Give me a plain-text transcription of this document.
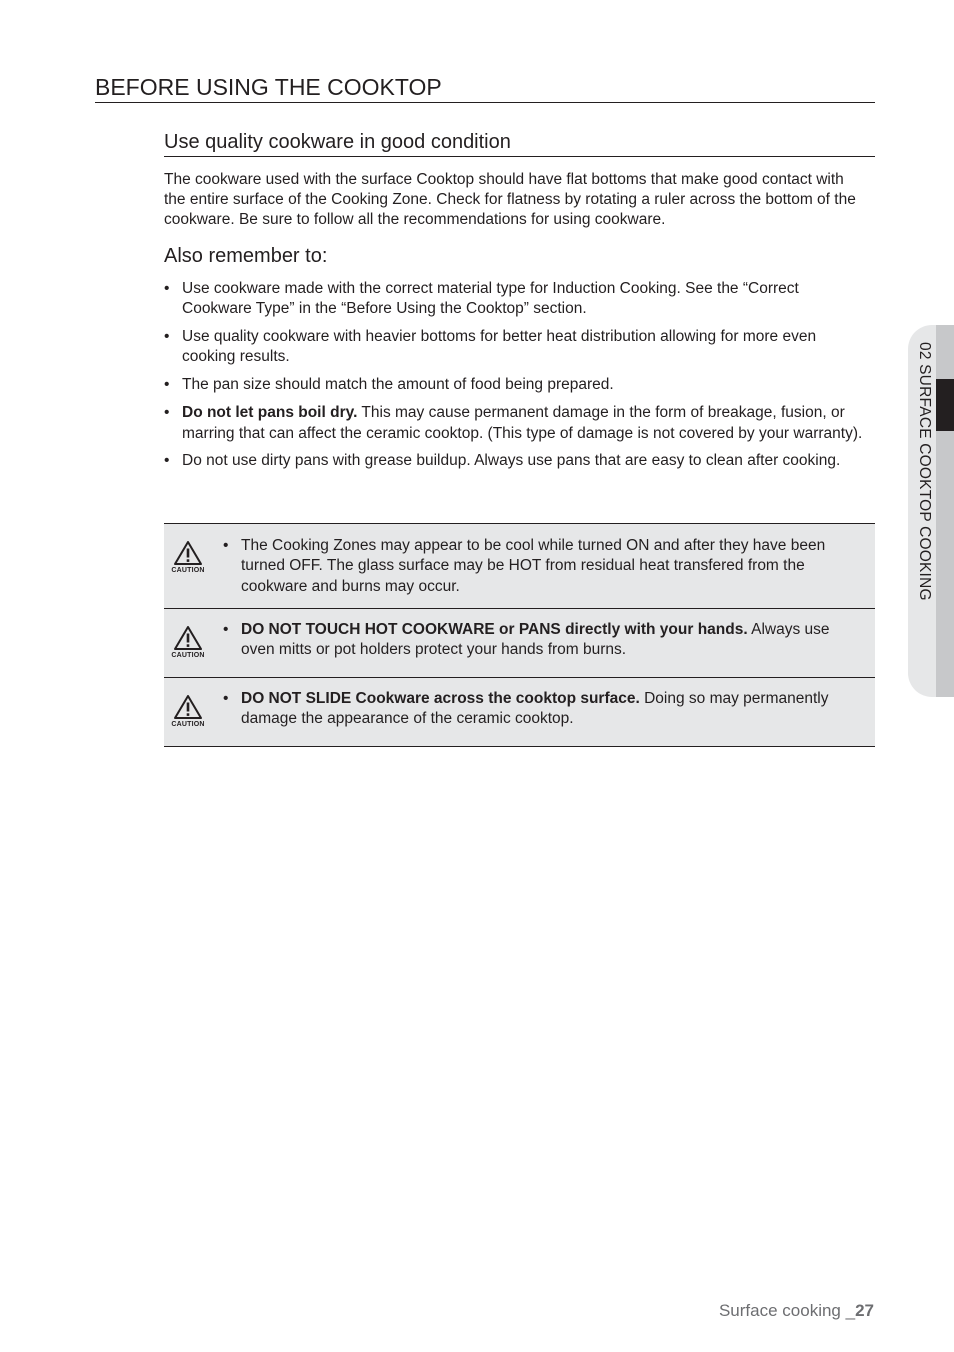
BEFORE USING THE COOKTOP
Use quality cookware in good condition

The cookware used with the surface Cooktop should have flat bottoms that make good contact with the entire surface of the Cooking Zone. Check for flatness by rotating a ruler across the bottom of the cookware. Be sure to follow all the recommendations for using cookware.

Also remember to:
• Use cookware made with the correct material type for Induction Cooking. See the “Correct Cookware Type” in the “Before Using the Cooktop” section.
• Use quality cookware with heavier bottoms for better heat distribution allowing for more even cooking results.
• The pan size should match the amount of food being prepared.
• Do not let pans boil dry. This may cause permanent damage in the form of breakage, fusion, or marring that can affect the ceramic cooktop. (This type of damage is not covered by your warranty).
• Do not use dirty pans with grease buildup. Always use pans that are easy to clean after cooking.
CAUTION
• The Cooking Zones may appear to be cool while turned ON and after they have been turned OFF. The glass surface may be HOT from residual heat transfered from the cookware and burns may occur.
CAUTION
• DO NOT TOUCH HOT COOKWARE or PANS directly with your hands. Always use oven mitts or pot holders protect your hands from burns.
CAUTION
• DO NOT SLIDE Cookware across the cooktop surface. Doing so may permanently damage the appearance of the ceramic cooktop.
02 SURFACE COOKTOP COOKING
Surface cooking _27
